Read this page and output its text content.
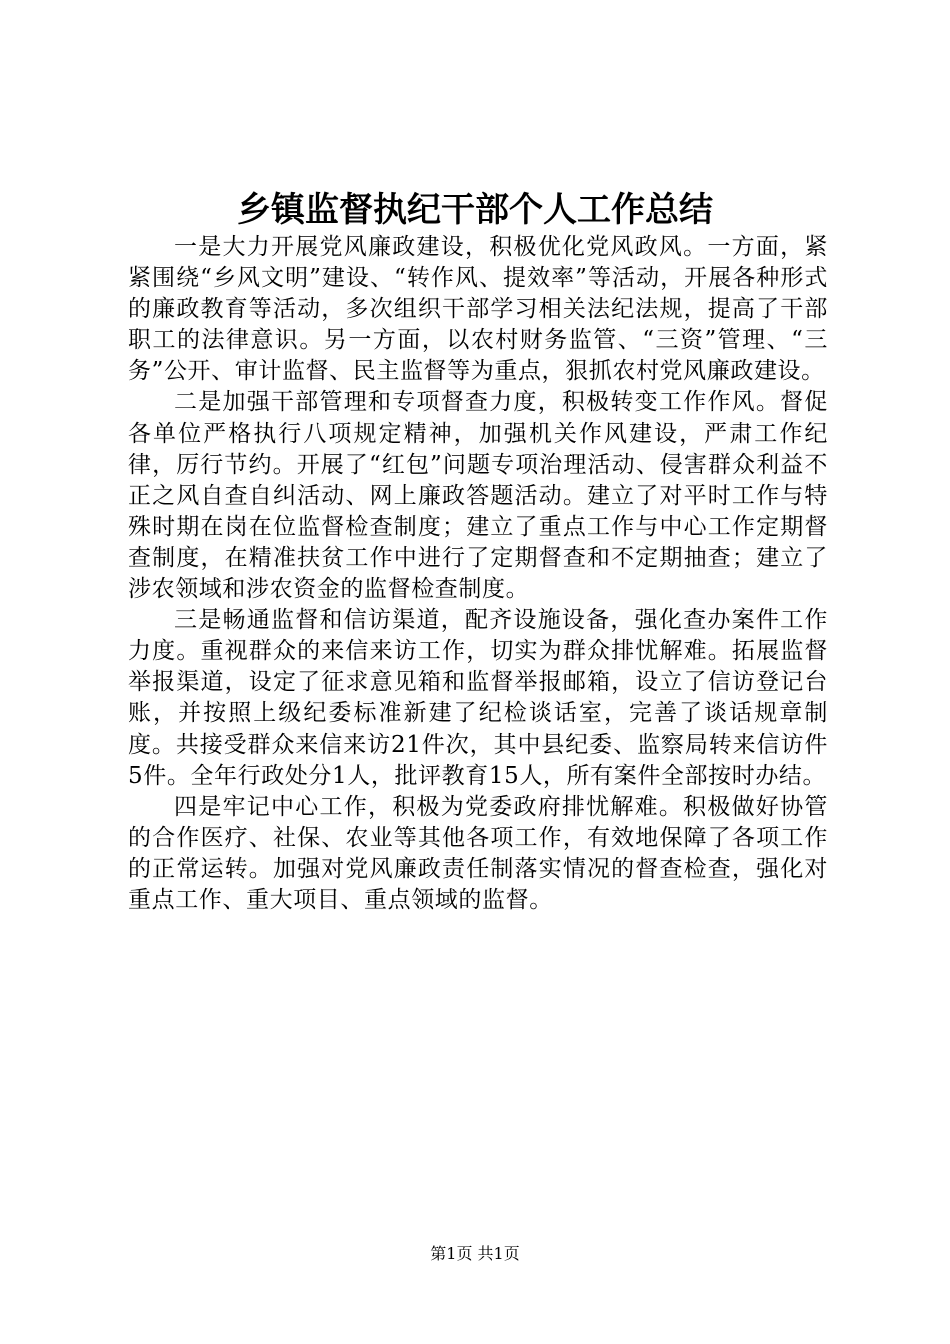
乡镇监督执纪干部个人工作总结

一是大力开展党风廉政建设，积极优化党风政风。一方面，紧紧围绕“乡风文明”建设、“转作风、提效率”等活动，开展各种形式的廉政教育等活动，多次组织干部学习相关法纪法规，提高了干部职工的法律意识。另一方面，以农村财务监管、“三资”管理、“三务”公开、审计监督、民主监督等为重点，狠抓农村党风廉政建设。

二是加强干部管理和专项督查力度，积极转变工作作风。督促各单位严格执行八项规定精神，加强机关作风建设，严肃工作纪律，厉行节约。开展了“红包”问题专项治理活动、侵害群众利益不正之风自查自纠活动、网上廉政答题活动。建立了对平时工作与特殊时期在岗在位监督检查制度；建立了重点工作与中心工作定期督查制度，在精准扶贫工作中进行了定期督查和不定期抽查；建立了涉农领域和涉农资金的监督检查制度。

三是畅通监督和信访渠道，配齐设施设备，强化查办案件工作力度。重视群众的来信来访工作，切实为群众排忧解难。拓展监督举报渠道，设定了征求意见箱和监督举报邮箱，设立了信访登记台账，并按照上级纪委标准新建了纪检谈话室，完善了谈话规章制度。共接受群众来信来访21件次，其中县纪委、监察局转来信访件5件。全年行政处分1人，批评教育15人，所有案件全部按时办结。

四是牢记中心工作，积极为党委政府排忧解难。积极做好协管的合作医疗、社保、农业等其他各项工作，有效地保障了各项工作的正常运转。加强对党风廉政责任制落实情况的督查检查，强化对重点工作、重大项目、重点领域的监督。

第1页 共1页
